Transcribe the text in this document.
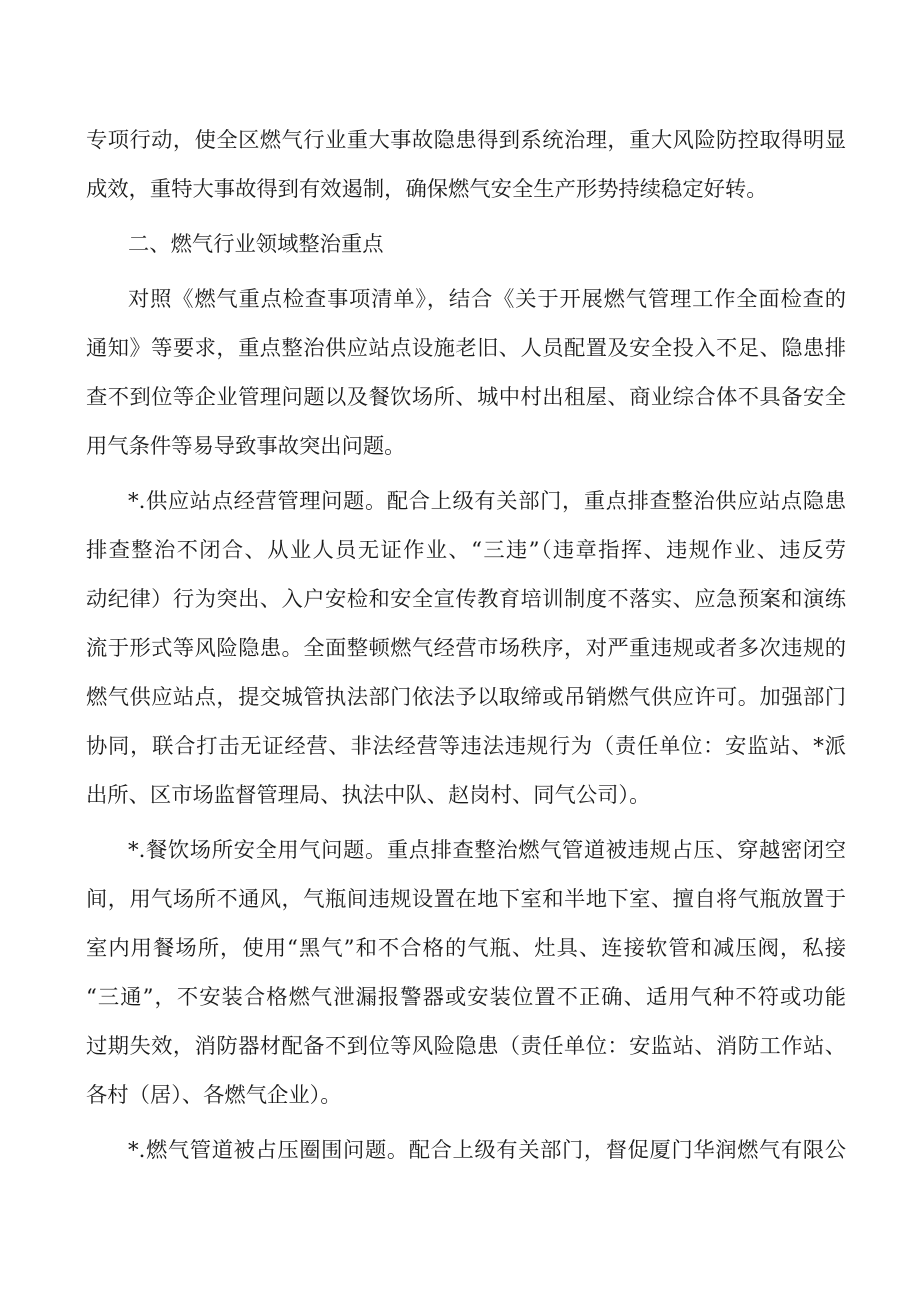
专项行动，使全区燃气行业重大事故隐患得到系统治理，重大风险防控取得明显
成效，重特大事故得到有效遏制，确保燃气安全生产形势持续稳定好转。
二、燃气行业领域整治重点
对照《燃气重点检查事项清单》，结合《关于开展燃气管理工作全面检查的
通知》等要求，重点整治供应站点设施老旧、人员配置及安全投入不足、隐患排
查不到位等企业管理问题以及餐饮场所、城中村出租屋、商业综合体不具备安全
用气条件等易导致事故突出问题。
*.供应站点经营管理问题。配合上级有关部门，重点排查整治供应站点隐患
排查整治不闭合、从业人员无证作业、“三违”（违章指挥、违规作业、违反劳
动纪律）行为突出、入户安检和安全宣传教育培训制度不落实、应急预案和演练
流于形式等风险隐患。全面整顿燃气经营市场秩序，对严重违规或者多次违规的
燃气供应站点，提交城管执法部门依法予以取缔或吊销燃气供应许可。加强部门
协同，联合打击无证经营、非法经营等违法违规行为（责任单位：安监站、*派
出所、区市场监督管理局、执法中队、赵岗村、同气公司）。
*.餐饮场所安全用气问题。重点排查整治燃气管道被违规占压、穿越密闭空
间，用气场所不通风，气瓶间违规设置在地下室和半地下室、擅自将气瓶放置于
室内用餐场所，使用“黑气”和不合格的气瓶、灶具、连接软管和减压阀，私接
“三通”，不安装合格燃气泄漏报警器或安装位置不正确、适用气种不符或功能
过期失效，消防器材配备不到位等风险隐患（责任单位：安监站、消防工作站、
各村（居）、各燃气企业）。
*.燃气管道被占压圈围问题。配合上级有关部门，督促厦门华润燃气有限公
